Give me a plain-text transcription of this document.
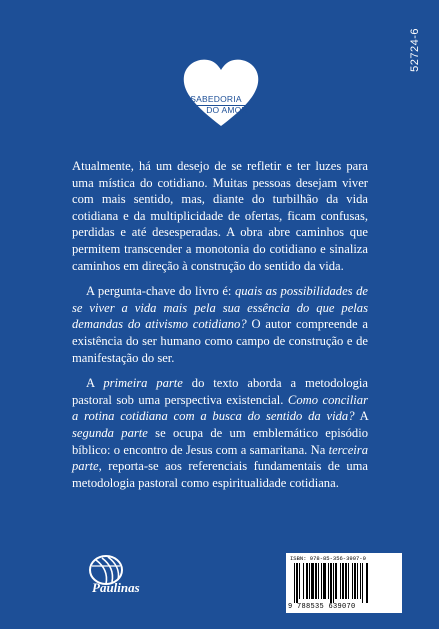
52724-6
SABEDORIA
DO AMOR

Atualmente, há um desejo de se refletir e ter luzes para uma mística do cotidiano. Muitas pessoas desejam viver com mais sentido, mas, diante do turbilhão da vida cotidiana e da multiplicidade de ofertas, ficam confusas, perdidas e até desesperadas. A obra abre caminhos que permitem transcender a monotonia do cotidiano e sinaliza caminhos em direção à construção do sentido da vida.

A pergunta-chave do livro é: quais as possibilidades de se viver a vida mais pela sua essência do que pelas demandas do ativismo cotidiano? O autor compreende a existência do ser humano como campo de construção e de manifestação do ser.

A primeira parte do texto aborda a metodologia pastoral sob uma perspectiva existencial. Como conciliar a rotina cotidiana com a busca do sentido da vida? A segunda parte se ocupa de um emblemático episódio bíblico: o encontro de Jesus com a samaritana. Na terceira parte, reporta-se aos referenciais fundamentais de uma metodologia pastoral como espiritualidade cotidiana.

Paulinas
ISBN: 978-85-356-3907-0
9 788535 639070
